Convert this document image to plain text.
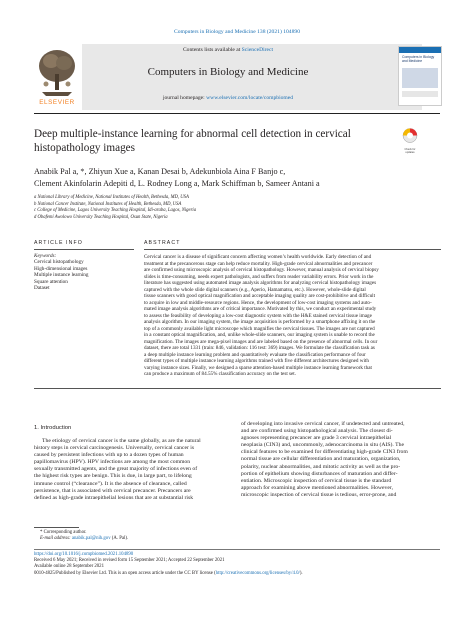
Computers in Biology and Medicine 138 (2021) 104890
ELSEVIER
Contents lists available at ScienceDirect
Computers in Biology and Medicine
journal homepage: www.elsevier.com/locate/compbiomed
Computers in Biology and Medicine
Deep multiple-instance learning for abnormal cell detection in cervical
histopathology images	Check for updates
Anabik Pal a, *, Zhiyun Xue a, Kanan Desai b, Adekunbiola Aina F Banjo c,
Clement Akinfolarin Adepiti d, L. Rodney Long a, Mark Schiffman b, Sameer Antani a
a National Library of Medicine, National Institutes of Health, Bethesda, MD, USA
b National Cancer Institute, National Institutes of Health, Bethesda, MD, USA
c College of Medicine, Lagos University Teaching Hospital, Idi-araba, Lagos, Nigeria
d Obafemi Awolowo University Teaching Hospital, Osun State, Nigeria
ARTICLE INFO	ABSTRACT
Keywords:
Cervical histopathology
High-dimensional images
Multiple instance learning
Square attention
Dataset
Cervical cancer is a disease of significant concern affecting women’s health worldwide. Early detection of and
treatment at the precancerous stage can help reduce mortality. High-grade cervical abnormalities and precancer
are confirmed using microscopic analysis of cervical histopathology. However, manual analysis of cervical biopsy
slides is time-consuming, needs expert pathologists, and suffers from reader variability errors. Prior work in the
literature has suggested using automated image analysis algorithms for analyzing cervical histopathology images
captured with the whole slide digital scanners (e.g., Aperio, Hamamatsu, etc.). However, whole-slide digital
tissue scanners with good optical magnification and acceptable imaging quality are cost-prohibitive and difficult
to acquire in low and middle-resource regions. Hence, the development of low-cost imaging systems and auto-
mated image analysis algorithms are of critical importance. Motivated by this, we conduct an experimental study
to assess the feasibility of developing a low-cost diagnostic system with the H&E stained cervical tissue image
analysis algorithm. In our imaging system, the image acquisition is performed by a smartphone affixing it on the
top of a commonly available light microscope which magnifies the cervical tissues. The images are not captured
in a constant optical magnification, and, unlike whole-slide scanners, our imaging system is unable to record the
magnification. The images are mega-pixel images and are labeled based on the presence of abnormal cells. In our
dataset, there are total 1331 (train: 846, validation: 116 test: 369) images. We formulate the classification task as
a deep multiple instance learning problem and quantitatively evaluate the classification performance of four
different types of multiple instance learning algorithms trained with five different architectures designed with
varying instance sizes. Finally, we designed a sparse attention-based multiple instance learning framework that
can produce a maximum of 84.55% classification accuracy on the test set.
1. Introduction
The etiology of cervical cancer is the same globally, as are the natural
history steps in cervical carcinogenesis. Universally, cervical cancer is
caused by persistent infections with up to a dozen types of human
papillomavirus (HPV). HPV infections are among the most common
sexually transmitted agents, and the great majority of infections even of
the highest risk types are benign. This is due, in large part, to lifelong
immune control (“clearance”). It is the absence of clearance, called
persistence, that is associated with cervical precancer. Precancers are
defined as high-grade intraepithelial lesions that are at substantial risk
of developing into invasive cervical cancer, if undetected and untreated,
and are confirmed using histopathological analysis. The closest di-
agnoses representing precancer are grade 3 cervical intraepithelial
neoplasia (CIN3) and, uncommonly, adenocarcinoma in situ (AIS). The
clinical features to be examined for differentiating high-grade CIN3 from
normal tissue are cellular differentiation and maturation, organization,
polarity, nuclear abnormalities, and mitotic activity as well as the pro-
portion of epithelium showing disturbances of maturation and differ-
entiation. Microscopic inspection of cervical tissue is the standard
approach for examining above mentioned abnormalities. However,
microscopic inspection of cervical tissue is tedious, error-prone, and
* Corresponding author.
E-mail address: anabik.pal@nih.gov (A. Pal).
https://doi.org/10.1016/j.compbiomed.2021.104890
Received 6 May 2021; Received in revised form 15 September 2021; Accepted 22 September 2021
Available online 28 September 2021
0010-4825/Published by Elsevier Ltd. This is an open access article under the CC BY license (http://creativecommons.org/licenses/by/4.0/).
